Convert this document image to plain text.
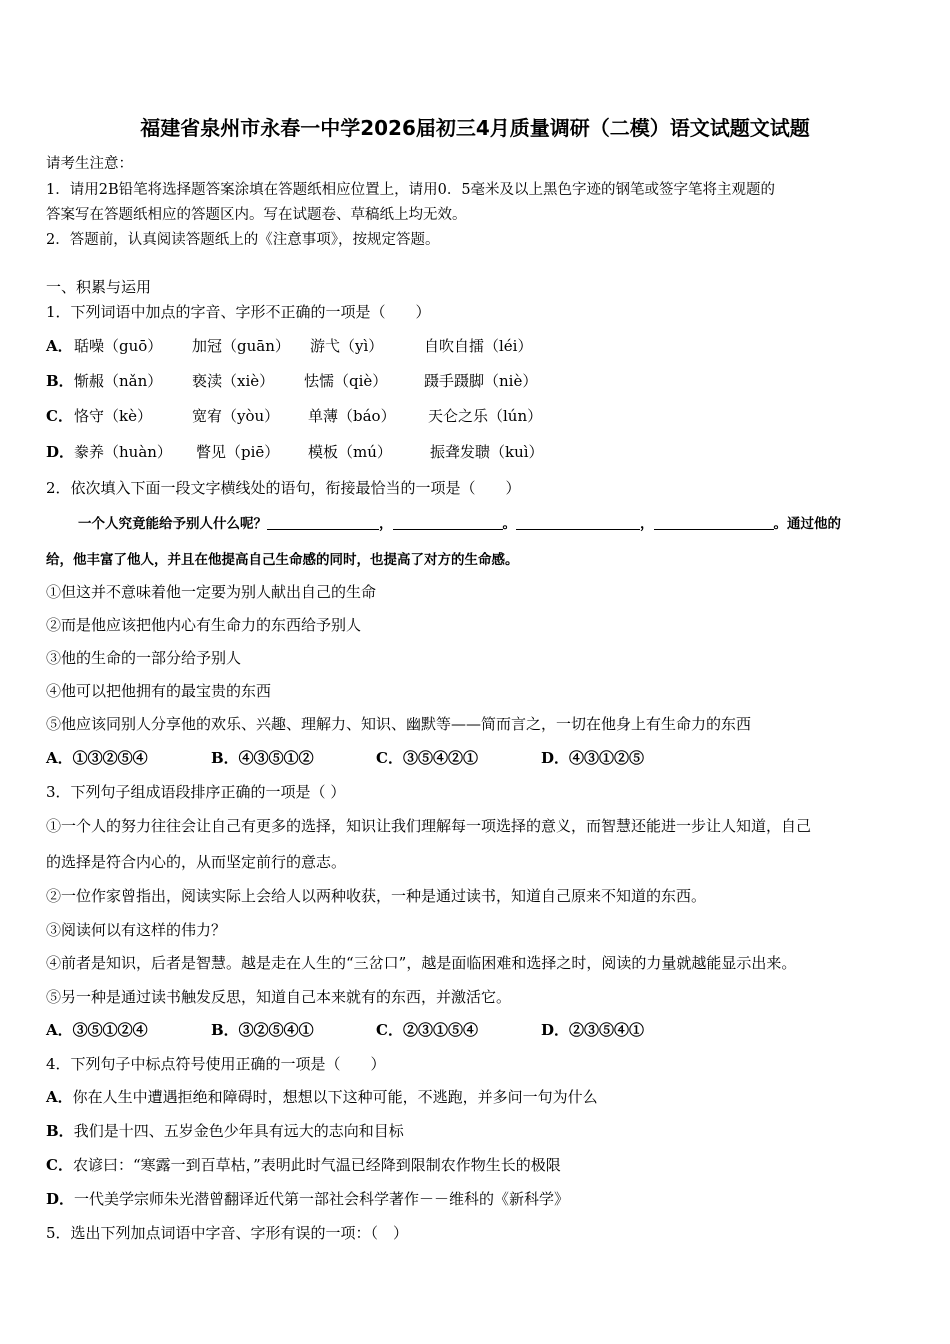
福建省泉州市永春一中学2026届初三4月质量调研（二模）语文试题文试题
请考生注意：
1．请用2B铅笔将选择题答案涂填在答题纸相应位置上，请用0．5毫米及以上黑色字迹的钢笔或签字笔将主观题的
答案写在答题纸相应的答题区内。写在试题卷、草稿纸上均无效。
2．答题前，认真阅读答题纸上的《注意事项》，按规定答题。
一、积累与运用
1．下列词语中加点的字音、字形不正确的一项是（　　）
A．聒噪（guō） 加冠（guān） 游弋（yì）	自吹自擂（léi）
B．惭赧（nǎn） 亵渎（xiè） 怯懦（qiè） 蹑手蹑脚（niè）
C．恪守（kè）	宽宥（yòu） 单薄（báo） 天仑之乐（lún）
D．豢养（huàn） 瞥见（piē） 模板（mú）	振聋发聩（kuì）
2．依次填入下面一段文字横线处的语句，衔接最恰当的一项是（　　）
一个人究竟能给予别人什么呢？	，	。	，	。通过他的
给，他丰富了他人，并且在他提高自己生命感的同时，也提高了对方的生命感。
①但这并不意味着他一定要为别人献出自己的生命
②而是他应该把他内心有生命力的东西给予别人
③他的生命的一部分给予别人
④他可以把他拥有的最宝贵的东西
⑤他应该同别人分享他的欢乐、兴趣、理解力、知识、幽默等——简而言之，一切在他身上有生命力的东西
A．①③②⑤④	B．④③⑤①②	C．③⑤④②①	D．④③①②⑤
3．下列句子组成语段排序正确的一项是（ ）
①一个人的努力往往会让自己有更多的选择，知识让我们理解每一项选择的意义，而智慧还能进一步让人知道，自己
的选择是符合内心的，从而坚定前行的意志。
②一位作家曾指出，阅读实际上会给人以两种收获，一种是通过读书，知道自己原来不知道的东西。
③阅读何以有这样的伟力？
④前者是知识，后者是智慧。越是走在人生的“三岔口”，越是面临困难和选择之时，阅读的力量就越能显示出来。
⑤另一种是通过读书触发反思，知道自己本来就有的东西，并激活它。
A．③⑤①②④	B．③②⑤④①	C．②③①⑤④	D．②③⑤④①
4．下列句子中标点符号使用正确的一项是（　　）
A．你在人生中遭遇拒绝和障碍时，想想以下这种可能，不逃跑，并多问一句为什么
B．我们是十四、五岁金色少年具有远大的志向和目标
C．农谚曰：“寒露一到百草枯，”表明此时气温已经降到限制农作物生长的极限
D．一代美学宗师朱光潜曾翻译近代第一部社会科学著作－－维科的《新科学》
5．选出下列加点词语中字音、字形有误的一项：（　）
